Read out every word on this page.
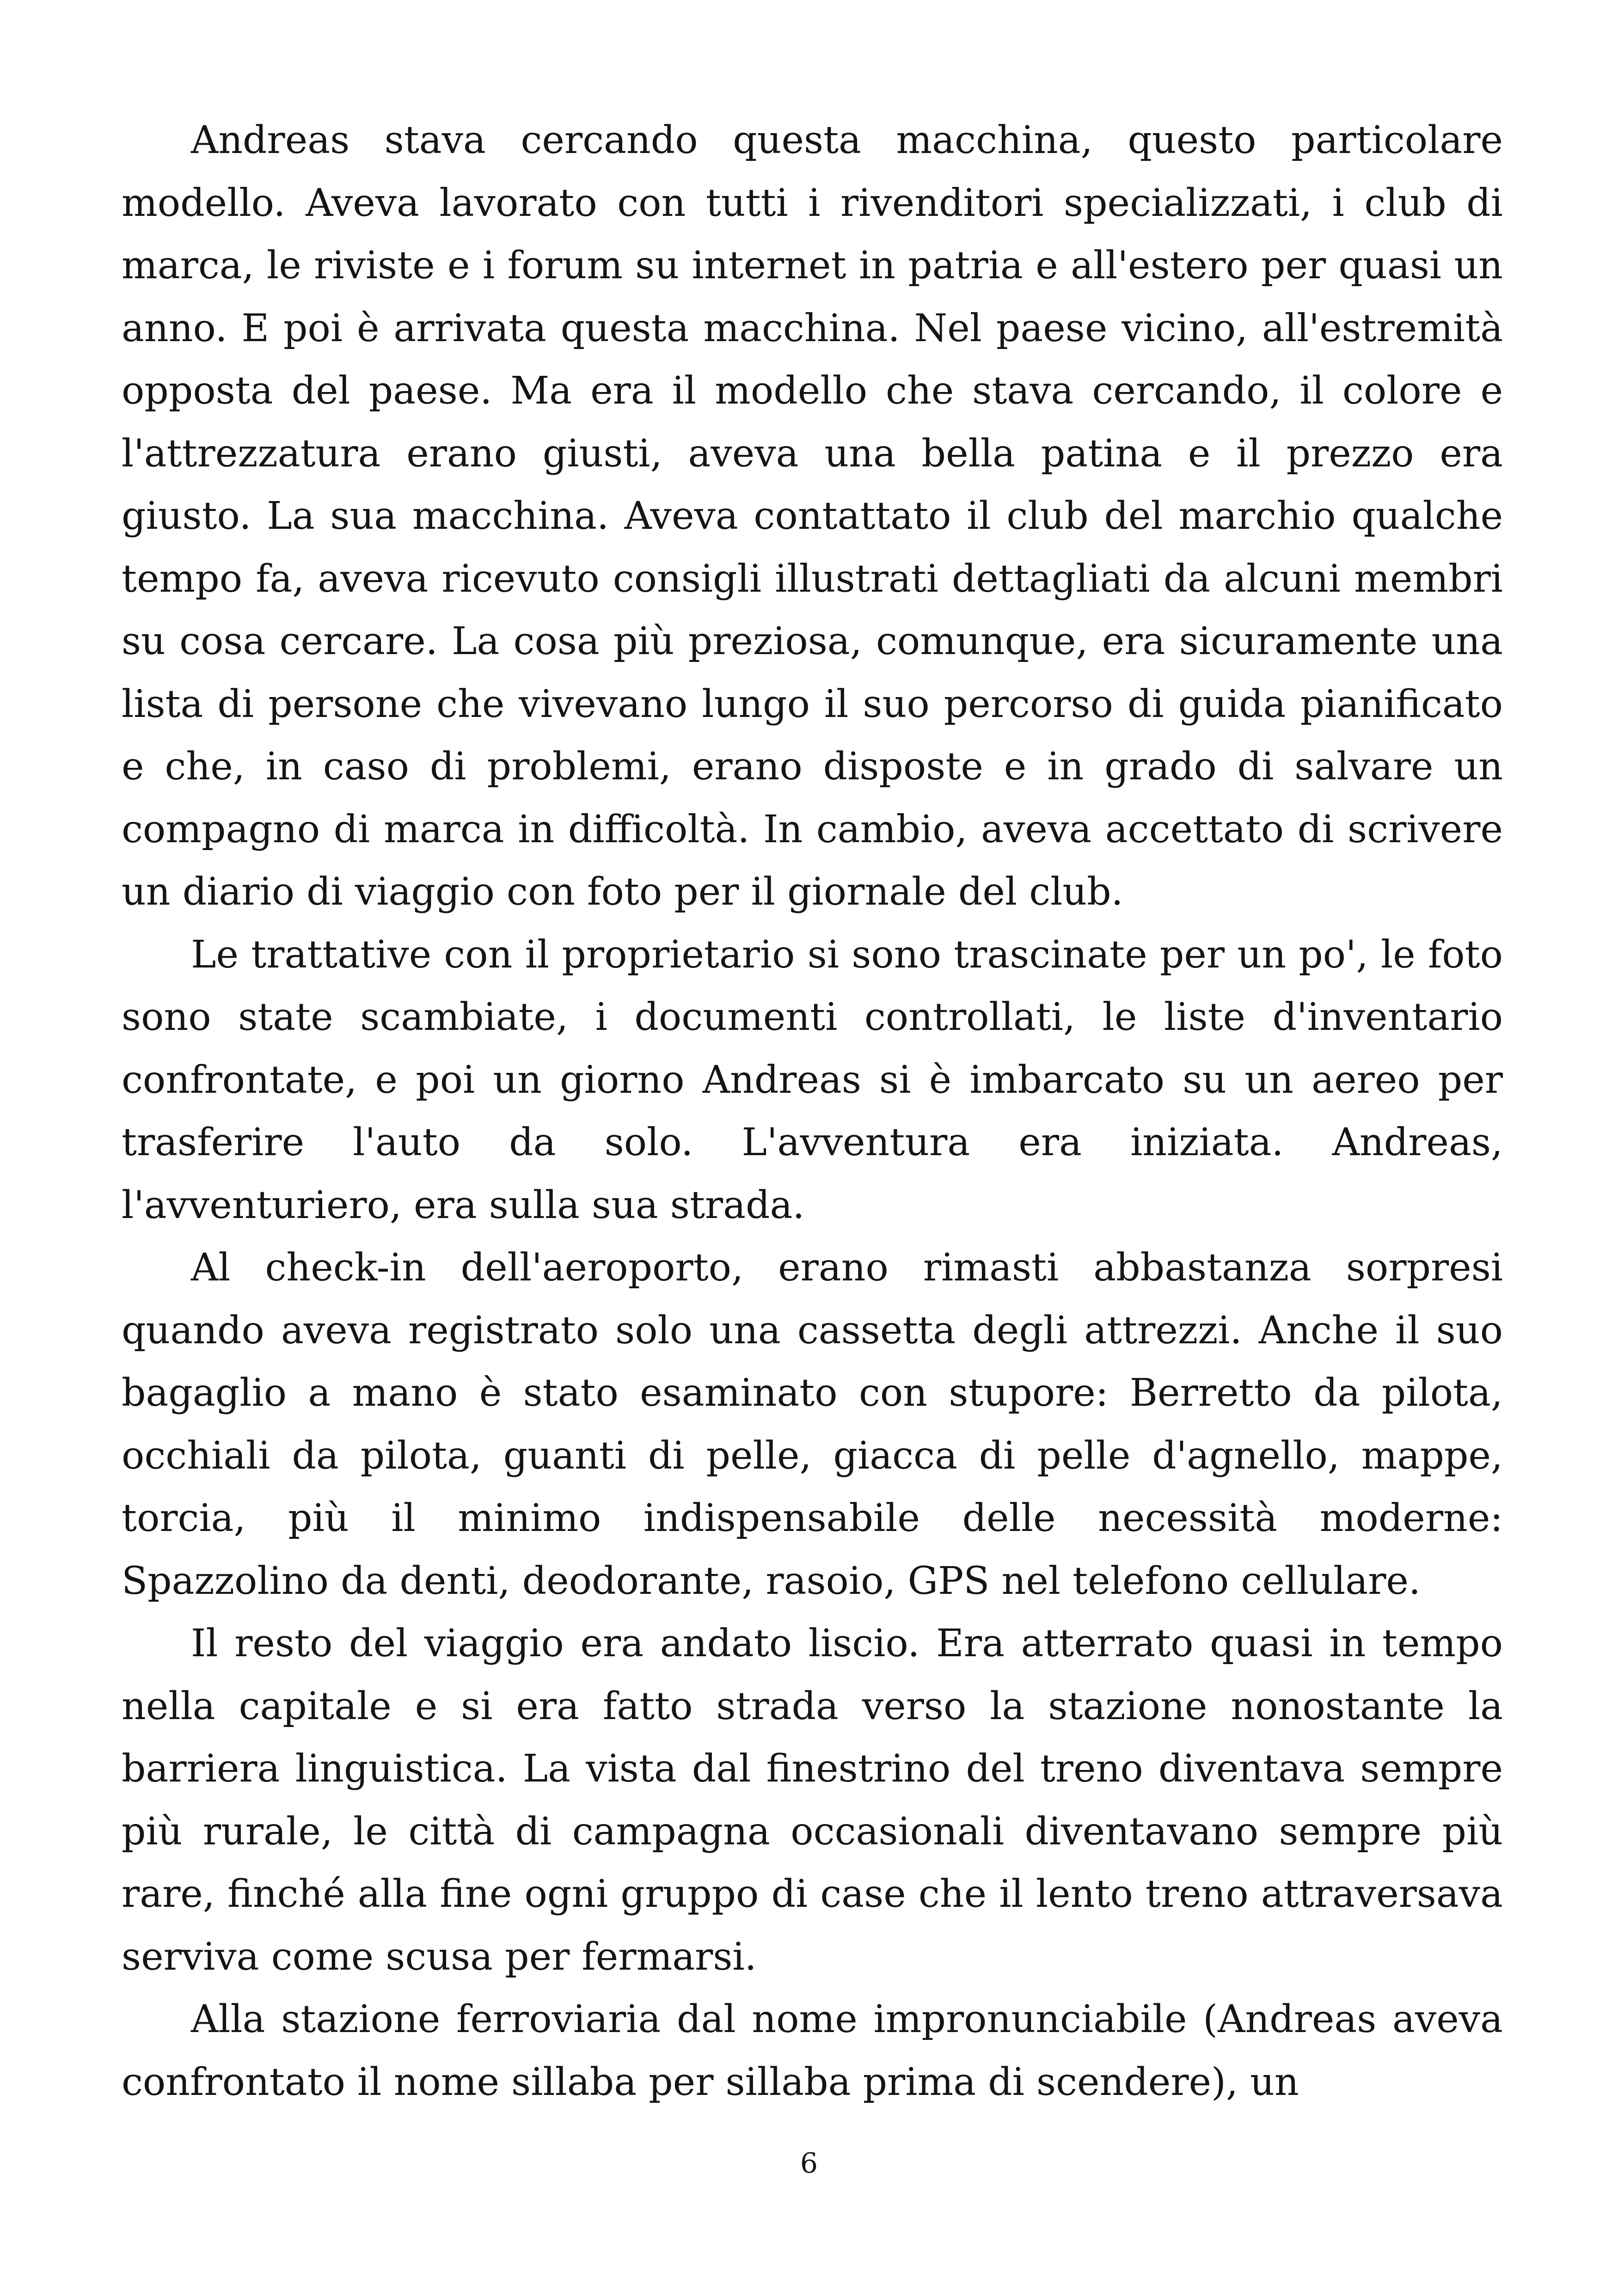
Andreas stava cercando questa macchina, questo particolare modello. Aveva lavorato con tutti i rivenditori specializzati, i club di marca, le riviste e i forum su internet in patria e all'estero per quasi un anno. E poi è arrivata questa macchina. Nel paese vicino, all'estremità opposta del paese. Ma era il modello che stava cercando, il colore e l'attrezzatura erano giusti, aveva una bella patina e il prezzo era giusto. La sua macchina. Aveva contattato il club del marchio qualche tempo fa, aveva ricevuto consigli illustrati dettagliati da alcuni membri su cosa cercare. La cosa più preziosa, comunque, era sicuramente una lista di persone che vivevano lungo il suo percorso di guida pianificato e che, in caso di problemi, erano disposte e in grado di salvare un compagno di marca in difficoltà. In cambio, aveva accettato di scrivere un diario di viaggio con foto per il giornale del club.

Le trattative con il proprietario si sono trascinate per un po', le foto sono state scambiate, i documenti controllati, le liste d'inventario confrontate, e poi un giorno Andreas si è imbarcato su un aereo per trasferire l'auto da solo. L'avventura era iniziata. Andreas, l'avventuriero, era sulla sua strada.

Al check-in dell'aeroporto, erano rimasti abbastanza sorpresi quando aveva registrato solo una cassetta degli attrezzi. Anche il suo bagaglio a mano è stato esaminato con stupore: Berretto da pilota, occhiali da pilota, guanti di pelle, giacca di pelle d'agnello, mappe, torcia, più il minimo indispensabile delle necessità moderne: Spazzolino da denti, deodorante, rasoio, GPS nel telefono cellulare.

Il resto del viaggio era andato liscio. Era atterrato quasi in tempo nella capitale e si era fatto strada verso la stazione nonostante la barriera linguistica. La vista dal finestrino del treno diventava sempre più rurale, le città di campagna occasionali diventavano sempre più rare, finché alla fine ogni gruppo di case che il lento treno attraversava serviva come scusa per fermarsi.

Alla stazione ferroviaria dal nome impronunciabile (Andreas aveva confrontato il nome sillaba per sillaba prima di scendere), un

6
